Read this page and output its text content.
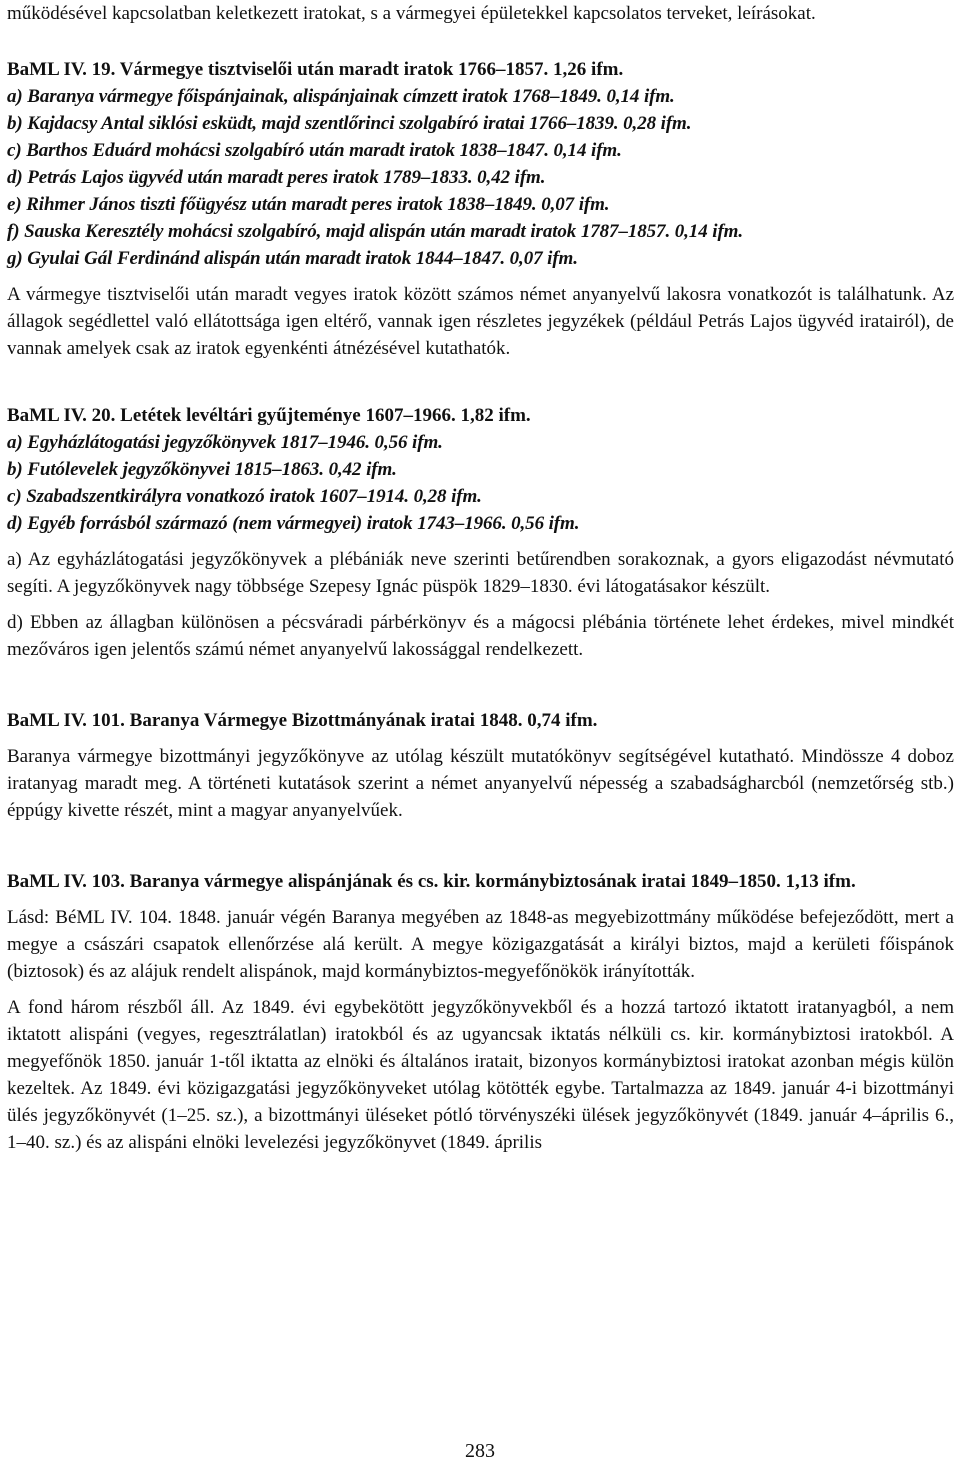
működésével kapcsolatban keletkezett iratokat, s a vármegyei épületekkel kapcsolatos terveket, leírásokat.

BaML IV. 19. Vármegye tisztviselői után maradt iratok 1766–1857. 1,26 ifm.
a) Baranya vármegye főispánjainak, alispánjainak címzett iratok 1768–1849. 0,14 ifm.
b) Kajdacsy Antal siklósi esküdt, majd szentlőrinci szolgabíró iratai 1766–1839. 0,28 ifm.
c) Barthos Eduárd mohácsi szolgabíró után maradt iratok 1838–1847. 0,14 ifm.
d) Petrás Lajos ügyvéd után maradt peres iratok 1789–1833. 0,42 ifm.
e) Rihmer János tiszti főügyész után maradt peres iratok 1838–1849. 0,07 ifm.
f) Sauska Keresztély mohácsi szolgabíró, majd alispán után maradt iratok 1787–1857. 0,14 ifm.
g) Gyulai Gál Ferdinánd alispán után maradt iratok 1844–1847. 0,07 ifm.

A vármegye tisztviselői után maradt vegyes iratok között számos német anyanyelvű lakosra vonatkozót is találhatunk. Az állagok segédlettel való ellátottsága igen eltérő, vannak igen részletes jegyzékek (például Petrás Lajos ügyvéd iratairól), de vannak amelyek csak az iratok egyenkénti átnézésével kutathatók.

BaML IV. 20. Letétek levéltári gyűjteménye 1607–1966. 1,82 ifm.
a) Egyházlátogatási jegyzőkönyvek 1817–1946. 0,56 ifm.
b) Futólevelek jegyzőkönyvei 1815–1863. 0,42 ifm.
c) Szabadszentkirályra vonatkozó iratok 1607–1914. 0,28 ifm.
d) Egyéb forrásból származó (nem vármegyei) iratok 1743–1966. 0,56 ifm.

a) Az egyházlátogatási jegyzőkönyvek a plébániák neve szerinti betűrendben sorakoznak, a gyors eligazodást névmutató segíti. A jegyzőkönyvek nagy többsége Szepesy Ignác püspök 1829–1830. évi látogatásakor készült.

d) Ebben az állagban különösen a pécsváradi párbérkönyv és a mágocsi plébánia története lehet érdekes, mivel mindkét mezőváros igen jelentős számú német anyanyelvű lakossággal rendelkezett.

BaML IV. 101. Baranya Vármegye Bizottmányának iratai 1848. 0,74 ifm.

Baranya vármegye bizottmányi jegyzőkönyve az utólag készült mutatókönyv segítségével kutatható. Mindössze 4 doboz iratanyag maradt meg. A történeti kutatások szerint a német anyanyelvű népesség a szabadságharcból (nemzetőrség stb.) éppúgy kivette részét, mint a magyar anyanyelvűek.

BaML IV. 103. Baranya vármegye alispánjának és cs. kir. kormánybiztosának iratai 1849–1850. 1,13 ifm.

Lásd: BéML IV. 104. 1848. január végén Baranya megyében az 1848-as megyebizottmány működése befejeződött, mert a megye a császári csapatok ellenőrzése alá került. A megye közigazgatását a királyi biztos, majd a kerületi főispánok (biztosok) és az alájuk rendelt alispánok, majd kormánybiztos-megyefőnökök irányították.

A fond három részből áll. Az 1849. évi egybekötött jegyzőkönyvekből és a hozzá tartozó iktatott iratanyagból, a nem iktatott alispáni (vegyes, regesztrálatlan) iratokból és az ugyancsak iktatás nélküli cs. kir. kormánybiztosi iratokból. A megyefőnök 1850. január 1-től iktatta az elnöki és általános iratait, bizonyos kormánybiztosi iratokat azonban mégis külön kezeltek. Az 1849. évi közigazgatási jegyzőkönyveket utólag kötötték egybe. Tartalmazza az 1849. január 4-i bizottmányi ülés jegyzőkönyvét (1–25. sz.), a bizottmányi üléseket pótló törvényszéki ülések jegyzőkönyvét (1849. január 4–április 6., 1–40. sz.) és az alispáni elnöki levelezési jegyzőkönyvet (1849. április

283
